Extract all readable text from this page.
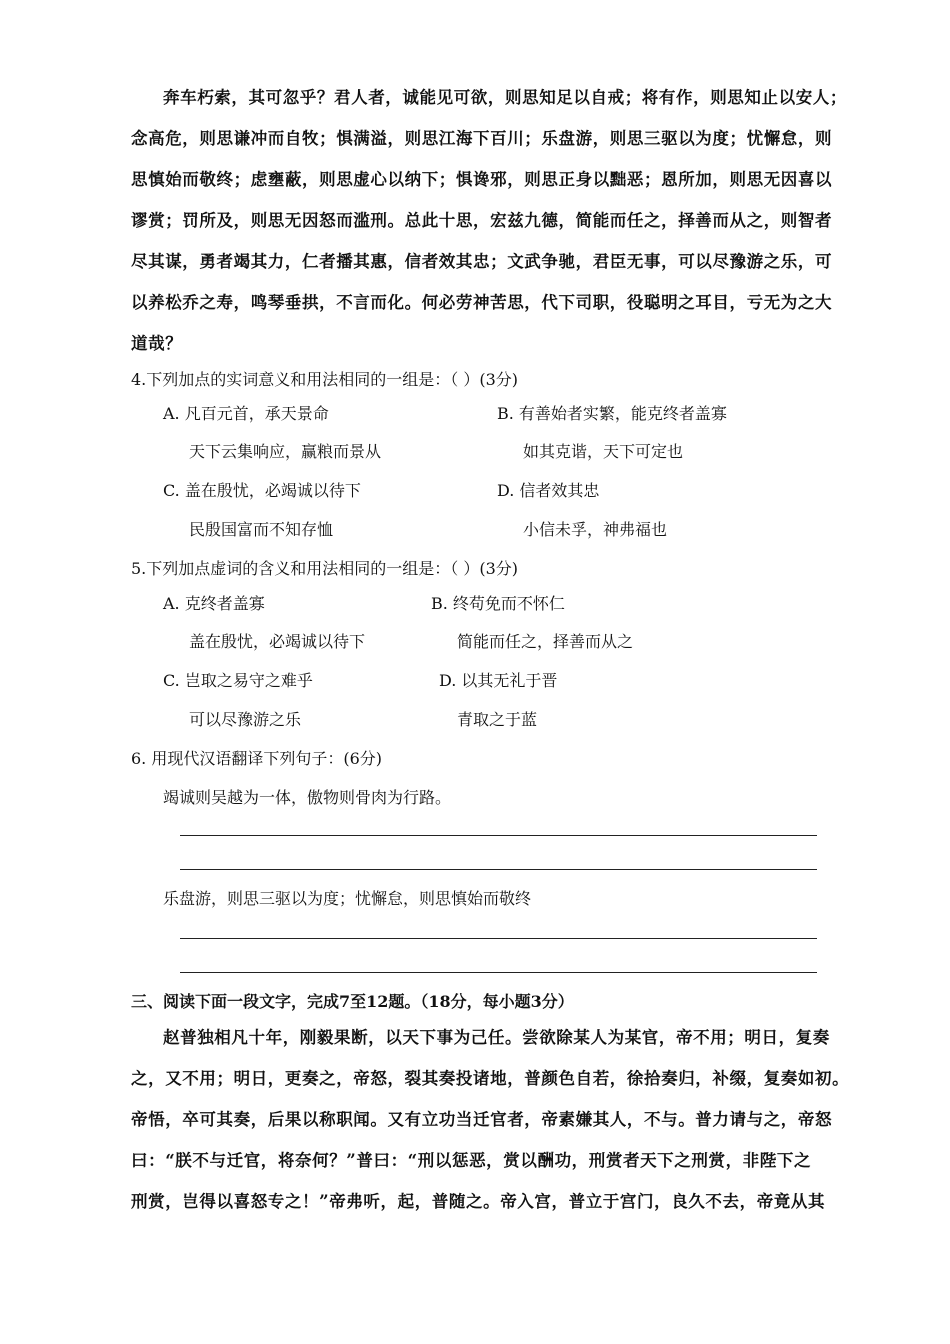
奔车朽索，其可忽乎？君人者，诚能见可欲，则思知足以自戒；将有作，则思知止以安人；
念高危，则思谦冲而自牧；惧满溢，则思江海下百川；乐盘游，则思三驱以为度；忧懈怠，则
思慎始而敬终；虑壅蔽，则思虚心以纳下；惧谗邪，则思正身以黜恶；恩所加，则思无因喜以
谬赏；罚所及，则思无因怒而滥刑。总此十思，宏兹九德，简能而任之，择善而从之，则智者
尽其谋，勇者竭其力，仁者播其惠，信者效其忠；文武争驰，君臣无事，可以尽豫游之乐，可
以养松乔之寿，鸣琴垂拱，不言而化。何必劳神苦思，代下司职，役聪明之耳目，亏无为之大
道哉？
4.下列加点的实词意义和用法相同的一组是：（ ）(3分)
A. 凡百元首，承天景命	B. 有善始者实繁，能克终者盖寡
天下云集响应，赢粮而景从	如其克谐，天下可定也
C. 盖在殷忧，必竭诚以待下	D. 信者效其忠
民殷国富而不知存恤	小信未孚，神弗福也
5.下列加点虚词的含义和用法相同的一组是：（ ）(3分)
A. 克终者盖寡	B. 终苟免而不怀仁
盖在殷忧，必竭诚以待下	简能而任之，择善而从之
C. 岂取之易守之难乎	D. 以其无礼于晋
可以尽豫游之乐	青取之于蓝
6. 用现代汉语翻译下列句子：(6分)
竭诚则吴越为一体，傲物则骨肉为行路。
乐盘游，则思三驱以为度；忧懈怠，则思慎始而敬终
三、阅读下面一段文字，完成7至12题。（18分，每小题3分）
赵普独相凡十年，刚毅果断，以天下事为己任。尝欲除某人为某官，帝不用；明日，复奏
之，又不用；明日，更奏之，帝怒，裂其奏投诸地，普颜色自若，徐拾奏归，补缀，复奏如初。
帝悟，卒可其奏，后果以称职闻。又有立功当迁官者，帝素嫌其人，不与。普力请与之，帝怒
曰：“朕不与迁官，将奈何？”普曰：“刑以惩恶，赏以酬功，刑赏者天下之刑赏，非陛下之
刑赏，岂得以喜怒专之！”帝弗听，起，普随之。帝入宫，普立于宫门，良久不去，帝竟从其
